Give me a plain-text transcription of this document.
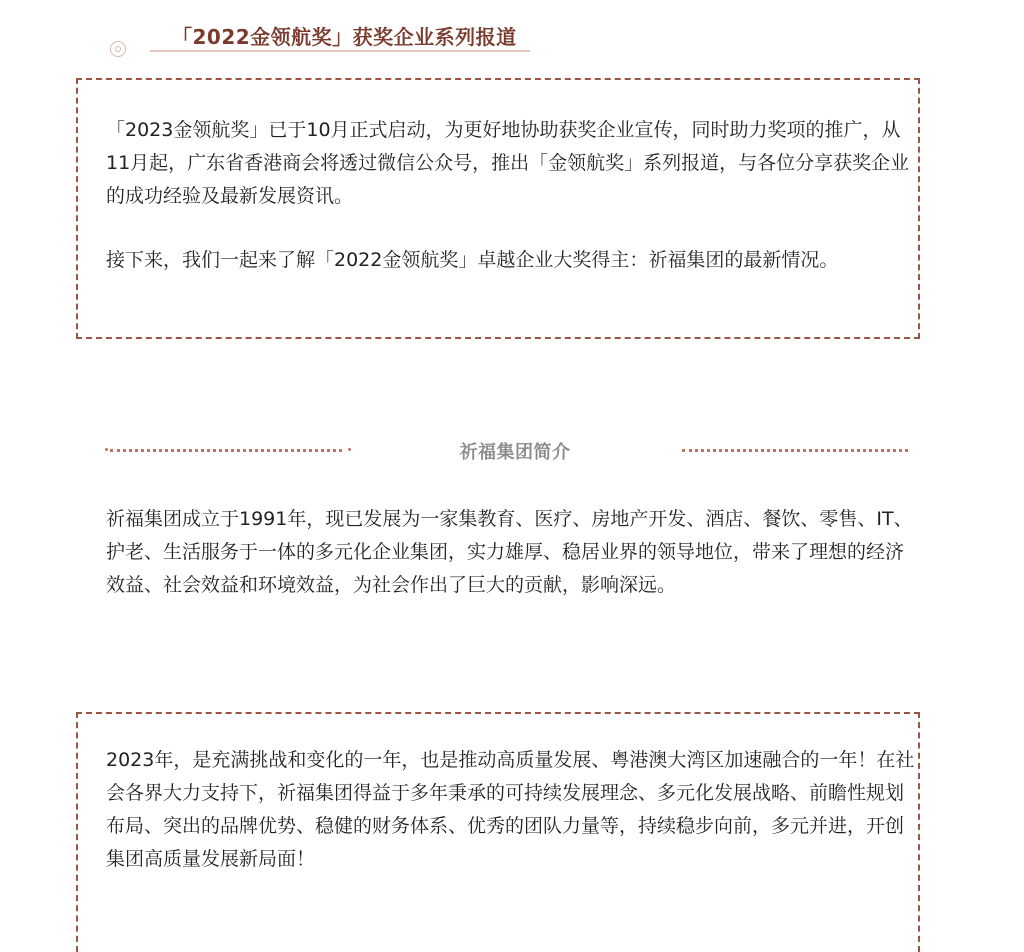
「2022金领航奖」获奖企业系列报道

「2023金领航奖」已于10月正式启动，为更好地协助获奖企业宣传，同时助力奖项的推广，从11月起，广东省香港商会将透过微信公众号，推出「金领航奖」系列报道，与各位分享获奖企业的成功经验及最新发展资讯。

接下来，我们一起来了解「2022金领航奖」卓越企业大奖得主：祈福集团的最新情况。

祈福集团简介

祈福集团成立于1991年，现已发展为一家集教育、医疗、房地产开发、酒店、餐饮、零售、IT、护老、生活服务于一体的多元化企业集团，实力雄厚、稳居业界的领导地位，带来了理想的经济效益、社会效益和环境效益，为社会作出了巨大的贡献，影响深远。

2023年，是充满挑战和变化的一年，也是推动高质量发展、粤港澳大湾区加速融合的一年！在社会各界大力支持下，祈福集团得益于多年秉承的可持续发展理念、多元化发展战略、前瞻性规划布局、突出的品牌优势、稳健的财务体系、优秀的团队力量等，持续稳步向前，多元并进，开创集团高质量发展新局面！
